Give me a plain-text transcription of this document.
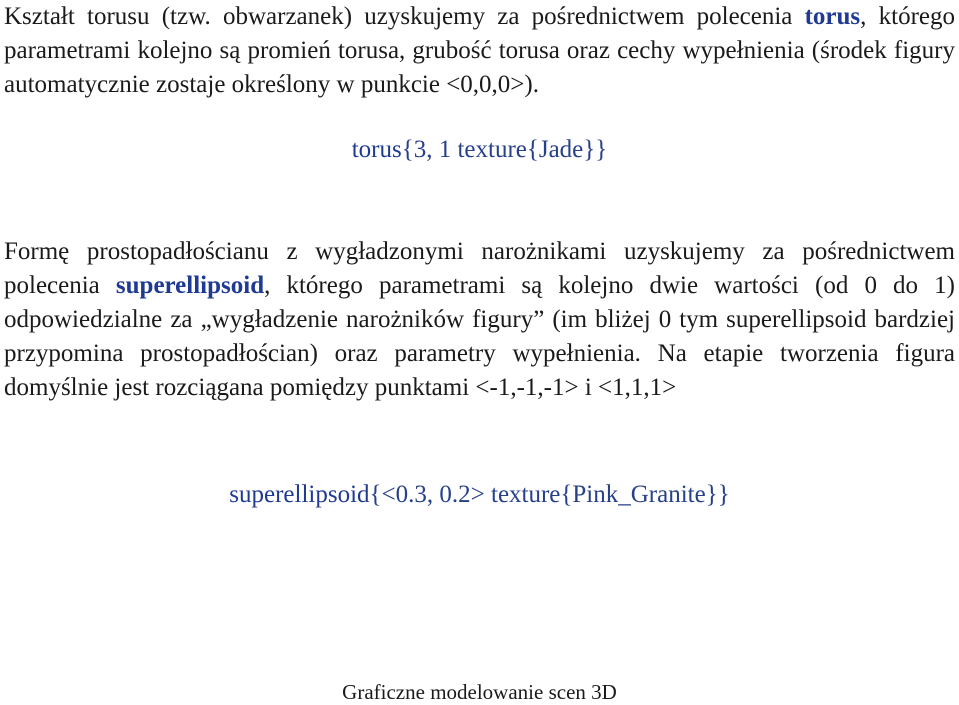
Kształt torusu (tzw. obwarzanek) uzyskujemy za pośrednictwem polecenia torus, którego parametrami kolejno są promień torusa, grubość torusa oraz cechy wypełnienia (środek figury automatycznie zostaje określony w punkcie <0,0,0>).

torus{3, 1 texture{Jade}}

Formę prostopadłościanu z wygładzonymi narożnikami uzyskujemy za pośrednictwem polecenia superellipsoid, którego parametrami są kolejno dwie wartości (od 0 do 1) odpowiedzialne za „wygładzenie narożników figury” (im bliżej 0 tym superellipsoid bardziej przypomina prostopadłościan) oraz parametry wypełnienia. Na etapie tworzenia figura domyślnie jest rozciągana pomiędzy punktami <-1,-1,-1> i <1,1,1>

superellipsoid{<0.3, 0.2> texture{Pink_Granite}}

Graficzne modelowanie scen 3D
